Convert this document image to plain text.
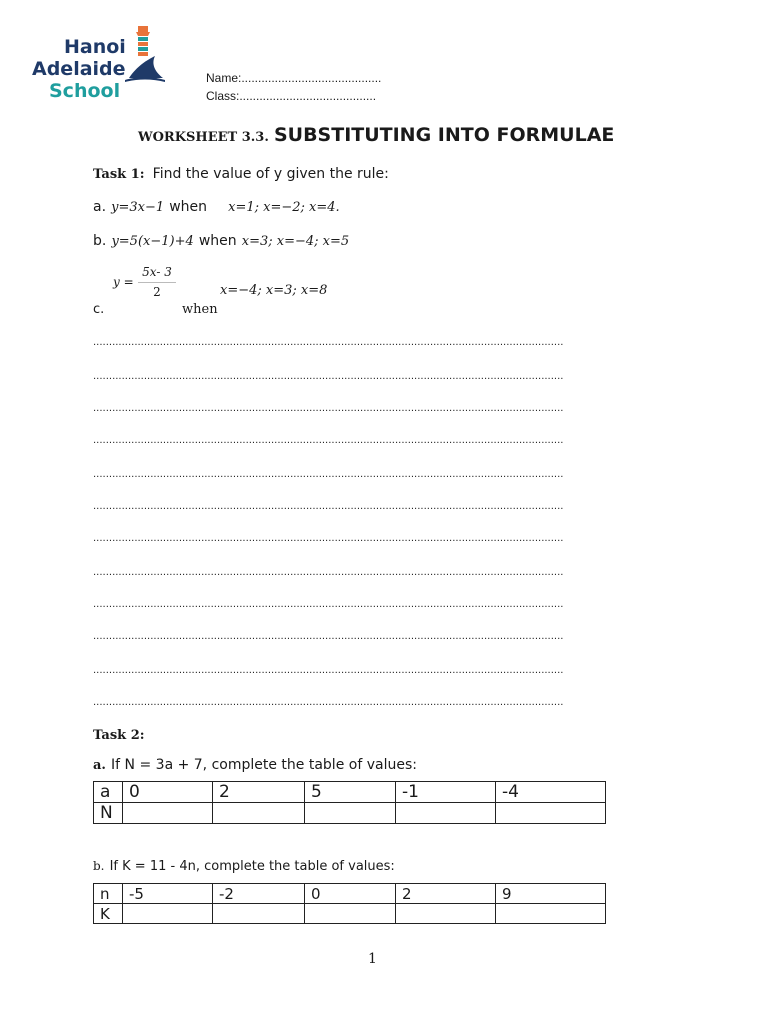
Hanoi
Adelaide
School
Name:..........................................
Class:.........................................
WORKSHEET 3.3. SUBSTITUTING INTO FORMULAE
Task 1: Find the value of y given the rule:
a. y=3x−1 when x=1; x=−2; x=4.
b. y=5(x−1)+4 when x=3; x=−4; x=5
y =
5x- 3
2	x=−4; x=3; x=8
c.	when
....................................................................................................................................................
....................................................................................................................................................
....................................................................................................................................................
....................................................................................................................................................
....................................................................................................................................................
....................................................................................................................................................
....................................................................................................................................................
....................................................................................................................................................
....................................................................................................................................................
....................................................................................................................................................
....................................................................................................................................................
....................................................................................................................................................
Task 2:
a. If N = 3a + 7, complete the table of values:
a	0	2	5	-1	-4
N					
b. If K = 11 - 4n, complete the table of values:
n	-5	-2	0	2	9
K					
1
